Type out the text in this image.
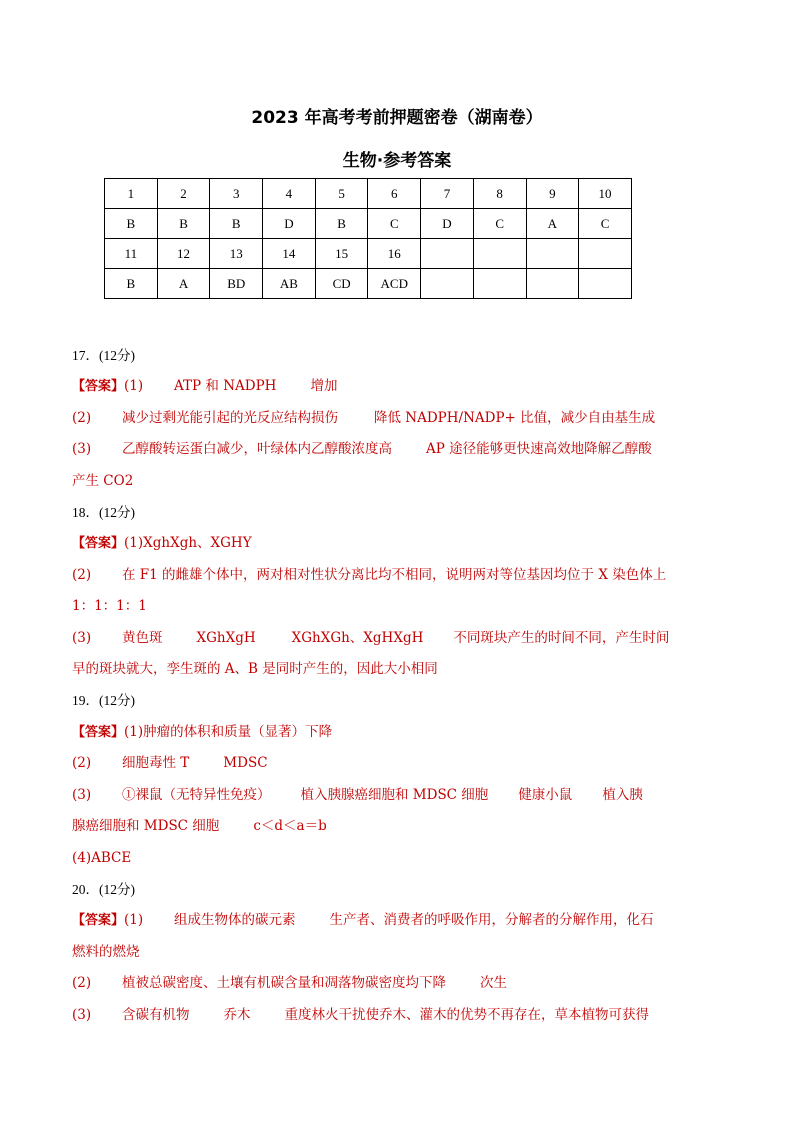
2023 年高考考前押题密卷（湖南卷）
生物·参考答案
1	2	3	4	5	6	7	8	9	10
B	B	B	D	B	C	D	C	A	C
11	12	13	14	15	16				
B	A	BD	AB	CD	ACD				
17．(12分)
【答案】(1) ATP 和 NADPH	增加
(2) 减少过剩光能引起的光反应结构损伤	降低 NADPH/NADP+ 比值，减少自由基生成
(3) 乙醇酸转运蛋白减少，叶绿体内乙醇酸浓度高	AP 途径能够更快速高效地降解乙醇酸
产生 CO2
18．(12分)
【答案】(1)XghXgh、XGHY
(2) 在 F1 的雌雄个体中，两对相对性状分离比均不相同，说明两对等位基因均位于 X 染色体上
1：1：1：1
(3) 黄色斑	XGhXgH	XGhXGh、XgHXgH 不同斑块产生的时间不同，产生时间
早的斑块就大，孪生斑的 A、B 是同时产生的，因此大小相同
19．(12分)
【答案】(1)肿瘤的体积和质量（显著）下降
(2) 细胞毒性 T	MDSC
(3) ①裸鼠（无特异性免疫） 植入胰腺癌细胞和 MDSC 细胞 健康小鼠 植入胰
腺癌细胞和 MDSC 细胞	c＜d＜a＝b
(4)ABCE
20．(12分)
【答案】(1) 组成生物体的碳元素	生产者、消费者的呼吸作用，分解者的分解作用，化石
燃料的燃烧
(2) 植被总碳密度、土壤有机碳含量和凋落物碳密度均下降	次生
(3) 含碳有机物	乔木	重度林火干扰使乔木、灌木的优势不再存在，草本植物可获得
